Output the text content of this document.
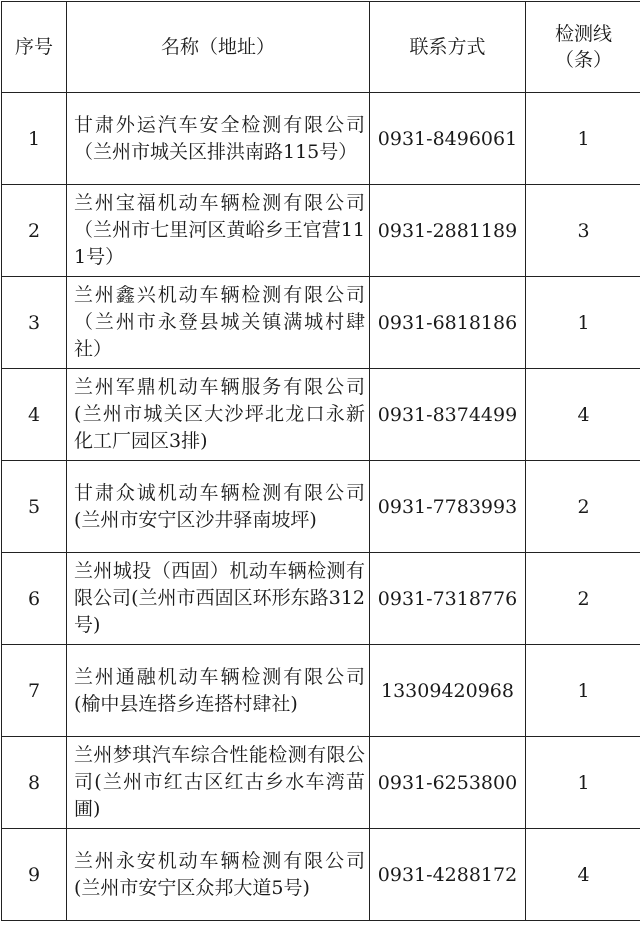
序号	名称（地址）	联系方式	检测线
（条）

1	甘肃外运汽车安全检测有限公司（兰州市城关区排洪南路115号）	0931-8496061	1
2	兰州宝福机动车辆检测有限公司（兰州市七里河区黄峪乡王官营111号）	0931-2881189	3
3	兰州鑫兴机动车辆检测有限公司（兰州市永登县城关镇满城村肆社）	0931-6818186	1
4	兰州军鼎机动车辆服务有限公司(兰州市城关区大沙坪北龙口永新化工厂园区3排)	0931-8374499	4
5	甘肃众诚机动车辆检测有限公司(兰州市安宁区沙井驿南坡坪)	0931-7783993	2
6	兰州城投（西固）机动车辆检测有限公司(兰州市西固区环形东路312号)	0931-7318776	2
7	兰州通融机动车辆检测有限公司(榆中县连搭乡连搭村肆社)	13309420968	1
8	兰州梦琪汽车综合性能检测有限公司(兰州市红古区红古乡水车湾苗圃)	0931-6253800	1
9	兰州永安机动车辆检测有限公司(兰州市安宁区众邦大道5号)	0931-4288172	4
